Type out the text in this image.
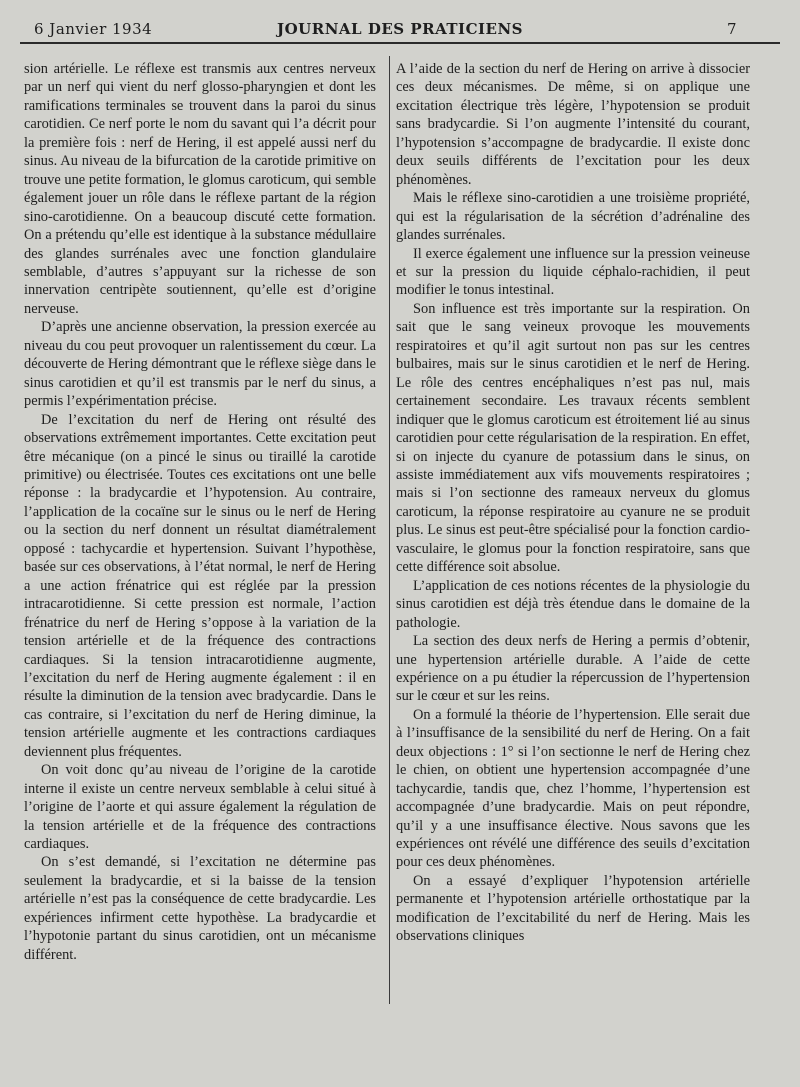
6 Janvier 1934	JOURNAL DES PRATICIENS	7

sion artérielle. Le réflexe est transmis aux centres nerveux par un nerf qui vient du nerf glosso-pharyngien et dont les ramifications terminales se trouvent dans la paroi du sinus carotidien. Ce nerf porte le nom du savant qui l’a décrit pour la première fois : nerf de Hering, il est appelé aussi nerf du sinus. Au niveau de la bifurcation de la carotide primitive on trouve une petite formation, le glomus caroticum, qui semble également jouer un rôle dans le réflexe partant de la région sino-carotidienne. On a beaucoup discuté cette formation. On a prétendu qu’elle est identique à la substance médullaire des glandes surrénales avec une fonction glandulaire semblable, d’autres s’appuyant sur la richesse de son innervation centripète soutiennent, qu’elle est d’origine nerveuse.

D’après une ancienne observation, la pression exercée au niveau du cou peut provoquer un ralentissement du cœur. La découverte de Hering démontrant que le réflexe siège dans le sinus carotidien et qu’il est transmis par le nerf du sinus, a permis l’expérimentation précise.

De l’excitation du nerf de Hering ont résulté des observations extrêmement importantes. Cette excitation peut être mécanique (on a pincé le sinus ou tiraillé la carotide primitive) ou électrisée. Toutes ces excitations ont une belle réponse : la bradycardie et l’hypotension. Au contraire, l’application de la cocaïne sur le sinus ou le nerf de Hering ou la section du nerf donnent un résultat diamétralement opposé : tachycardie et hypertension. Suivant l’hypothèse, basée sur ces observations, à l’état normal, le nerf de Hering a une action frénatrice qui est réglée par la pression intracarotidienne. Si cette pression est normale, l’action frénatrice du nerf de Hering s’oppose à la variation de la tension artérielle et de la fréquence des contractions cardiaques. Si la tension intracarotidienne augmente, l’excitation du nerf de Hering augmente également : il en résulte la diminution de la tension avec bradycardie. Dans le cas contraire, si l’excitation du nerf de Hering diminue, la tension artérielle augmente et les contractions cardiaques deviennent plus fréquentes.

On voit donc qu’au niveau de l’origine de la carotide interne il existe un centre nerveux semblable à celui situé à l’origine de l’aorte et qui assure également la régulation de la tension artérielle et de la fréquence des contractions cardiaques.

On s’est demandé, si l’excitation ne détermine pas seulement la bradycardie, et si la baisse de la tension artérielle n’est pas la conséquence de cette bradycardie. Les expériences infirment cette hypothèse. La bradycardie et l’hypotonie partant du sinus carotidien, ont un mécanisme différent.

A l’aide de la section du nerf de Hering on arrive à dissocier ces deux mécanismes. De même, si on applique une excitation électrique très légère, l’hypotension se produit sans bradycardie. Si l’on augmente l’intensité du courant, l’hypotension s’accompagne de bradycardie. Il existe donc deux seuils différents de l’excitation pour les deux phénomènes.

Mais le réflexe sino-carotidien a une troisième propriété, qui est la régularisation de la sécrétion d’adrénaline des glandes surrénales.

Il exerce également une influence sur la pression veineuse et sur la pression du liquide céphalo-rachidien, il peut modifier le tonus intestinal.

Son influence est très importante sur la respiration. On sait que le sang veineux provoque les mouvements respiratoires et qu’il agit surtout non pas sur les centres bulbaires, mais sur le sinus carotidien et le nerf de Hering. Le rôle des centres encéphaliques n’est pas nul, mais certainement secondaire. Les travaux récents semblent indiquer que le glomus caroticum est étroitement lié au sinus carotidien pour cette régularisation de la respiration. En effet, si on injecte du cyanure de potassium dans le sinus, on assiste immédiatement aux vifs mouvements respiratoires ; mais si l’on sectionne des rameaux nerveux du glomus caroticum, la réponse respiratoire au cyanure ne se produit plus. Le sinus est peut-être spécialisé pour la fonction cardio-vasculaire, le glomus pour la fonction respiratoire, sans que cette différence soit absolue.

L’application de ces notions récentes de la physiologie du sinus carotidien est déjà très étendue dans le domaine de la pathologie.

La section des deux nerfs de Hering a permis d’obtenir, une hypertension artérielle durable. A l’aide de cette expérience on a pu étudier la répercussion de l’hypertension sur le cœur et sur les reins.

On a formulé la théorie de l’hypertension. Elle serait due à l’insuffisance de la sensibilité du nerf de Hering. On a fait deux objections : 1° si l’on sectionne le nerf de Hering chez le chien, on obtient une hypertension accompagnée d’une tachycardie, tandis que, chez l’homme, l’hypertension est accompagnée d’une bradycardie. Mais on peut répondre, qu’il y a une insuffisance élective. Nous savons que les expériences ont révélé une différence des seuils d’excitation pour ces deux phénomènes.

On a essayé d’expliquer l’hypotension artérielle permanente et l’hypotension artérielle orthostatique par la modification de l’excitabilité du nerf de Hering. Mais les observations cliniques
